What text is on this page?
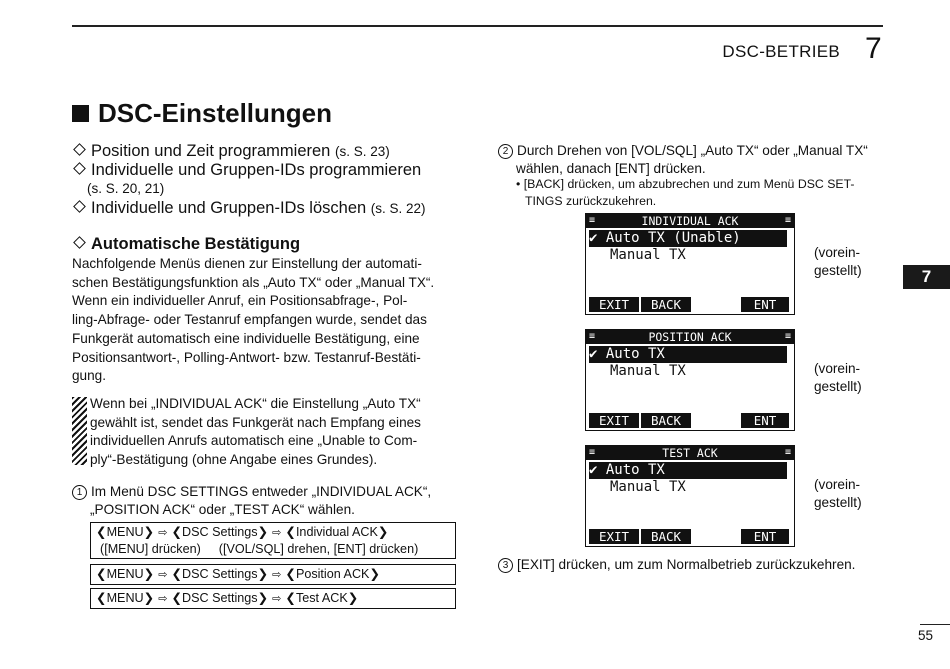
DSC-BETRIEB 7
7
DSC-Einstellungen
Position und Zeit programmieren (s. S. 23)
Individuelle und Gruppen-IDs programmieren
(s. S. 20, 21)
Individuelle und Gruppen-IDs löschen (s. S. 22)
Automatische Bestätigung
Nachfolgende Menüs dienen zur Einstellung der automati-
schen Bestätigungsfunktion als „Auto TX“ oder „Manual TX“.
Wenn ein individueller Anruf, ein Positionsabfrage-, Pol-
ling-Abfrage- oder Testanruf empfangen wurde, sendet das
Funkgerät automatisch eine individuelle Bestätigung, eine
Positionsantwort-, Polling-Antwort- bzw. Testanruf-Bestäti-
gung.
Wenn bei „INDIVIDUAL ACK“ die Einstellung „Auto TX“
gewählt ist, sendet das Funkgerät nach Empfang eines
individuellen Anrufs automatisch eine „Unable to Com-
ply“-Bestätigung (ohne Angabe eines Grundes).
1 Im Menü DSC SETTINGS entweder „INDIVIDUAL ACK“,
„POSITION ACK“ oder „TEST ACK“ wählen.
❮MENU❯ ⇨ ❮DSC Settings❯ ⇨ ❮Individual ACK❯
([MENU] drücken) ([VOL/SQL] drehen, [ENT] drücken)
❮MENU❯ ⇨ ❮DSC Settings❯ ⇨ ❮Position ACK❯
❮MENU❯ ⇨ ❮DSC Settings❯ ⇨ ❮Test ACK❯
2 Durch Drehen von [VOL/SQL] „Auto TX“ oder „Manual TX“
wählen, danach [ENT] drücken.
• [BACK] drücken, um abzubrechen und zum Menü DSC SET-
TINGS zurückzukehren.
INDIVIDUAL ACK
≡	≡
✔ Auto TX (Unable)
Manual TX
EXIT	BACK	ENT
(vorein-
gestellt)
POSITION ACK
≡	≡
✔ Auto TX
Manual TX
EXIT	BACK	ENT
(vorein-
gestellt)
TEST ACK
≡	≡
✔ Auto TX
Manual TX
EXIT	BACK	ENT
(vorein-
gestellt)
3 [EXIT] drücken, um zum Normalbetrieb zurückzukehren.
55
